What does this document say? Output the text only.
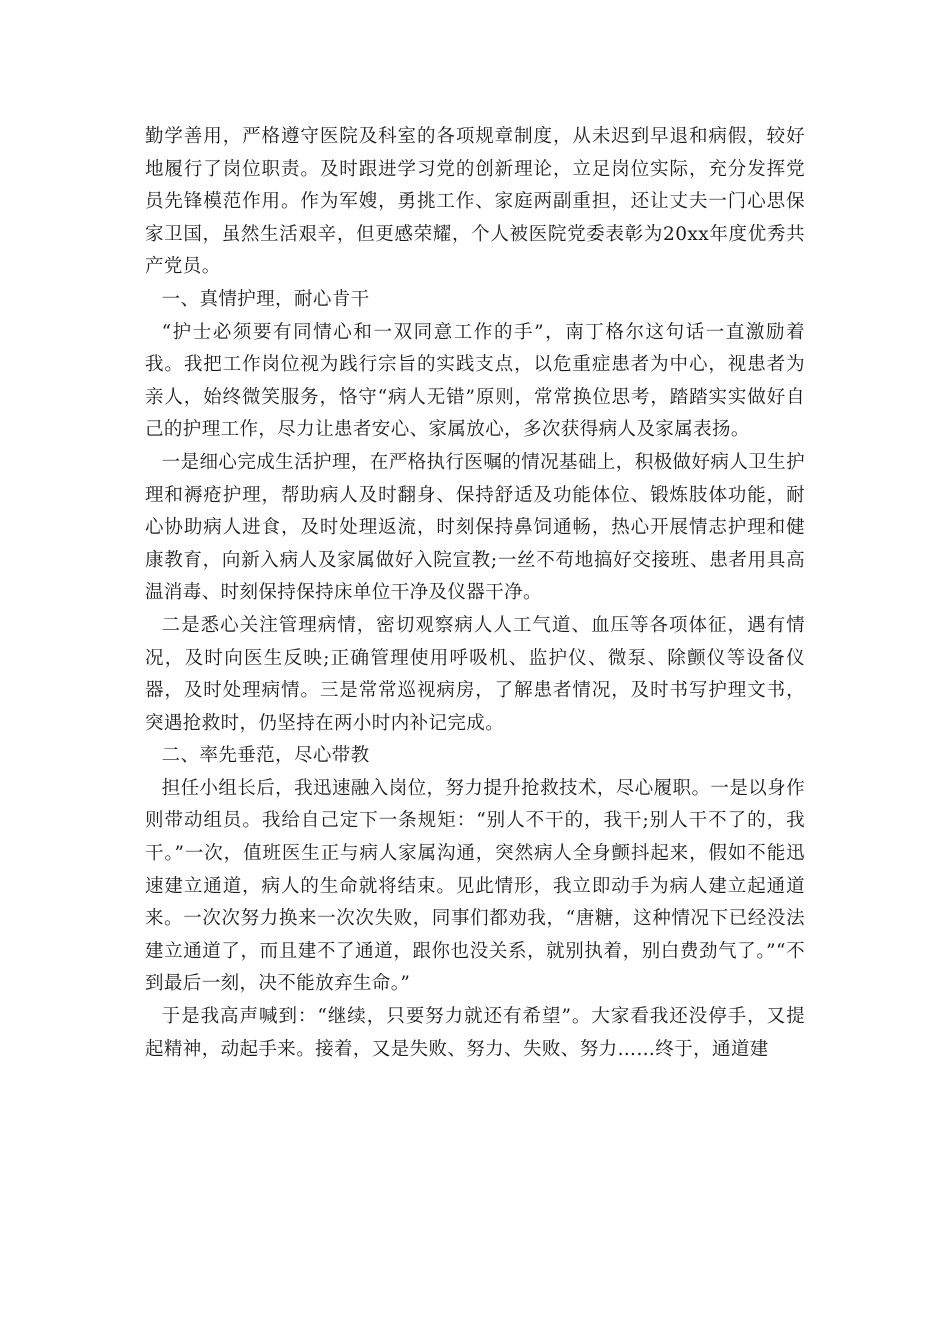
勤学善用，严格遵守医院及科室的各项规章制度，从未迟到早退和病假，较好地履行了岗位职责。及时跟进学习党的创新理论，立足岗位实际，充分发挥党员先锋模范作用。作为军嫂，勇挑工作、家庭两副重担，还让丈夫一门心思保家卫国，虽然生活艰辛，但更感荣耀，个人被医院党委表彰为20xx年度优秀共产党员。

一、真情护理，耐心肯干

“护士必须要有同情心和一双同意工作的手”，南丁格尔这句话一直激励着我。我把工作岗位视为践行宗旨的实践支点，以危重症患者为中心，视患者为亲人，始终微笑服务，恪守“病人无错”原则，常常换位思考，踏踏实实做好自己的护理工作，尽力让患者安心、家属放心，多次获得病人及家属表扬。

一是细心完成生活护理，在严格执行医嘱的情况基础上，积极做好病人卫生护理和褥疮护理，帮助病人及时翻身、保持舒适及功能体位、锻炼肢体功能，耐心协助病人进食，及时处理返流，时刻保持鼻饲通畅，热心开展情志护理和健康教育，向新入病人及家属做好入院宣教;一丝不苟地搞好交接班、患者用具高温消毒、时刻保持保持床单位干净及仪器干净。

二是悉心关注管理病情，密切观察病人人工气道、血压等各项体征，遇有情况，及时向医生反映;正确管理使用呼吸机、监护仪、微泵、除颤仪等设备仪器，及时处理病情。三是常常巡视病房，了解患者情况，及时书写护理文书，突遇抢救时，仍坚持在两小时内补记完成。

二、率先垂范，尽心带教

担任小组长后，我迅速融入岗位，努力提升抢救技术，尽心履职。一是以身作则带动组员。我给自己定下一条规矩：“别人不干的，我干;别人干不了的，我干。”一次，值班医生正与病人家属沟通，突然病人全身颤抖起来，假如不能迅速建立通道，病人的生命就将结束。见此情形，我立即动手为病人建立起通道来。一次次努力换来一次次失败，同事们都劝我，“唐糖，这种情况下已经没法建立通道了，而且建不了通道，跟你也没关系，就别执着，别白费劲气了。”“不到最后一刻，决不能放弃生命。”

于是我高声喊到：“继续，只要努力就还有希望”。大家看我还没停手，又提起精神，动起手来。接着，又是失败、努力、失败、努力……终于，通道建
